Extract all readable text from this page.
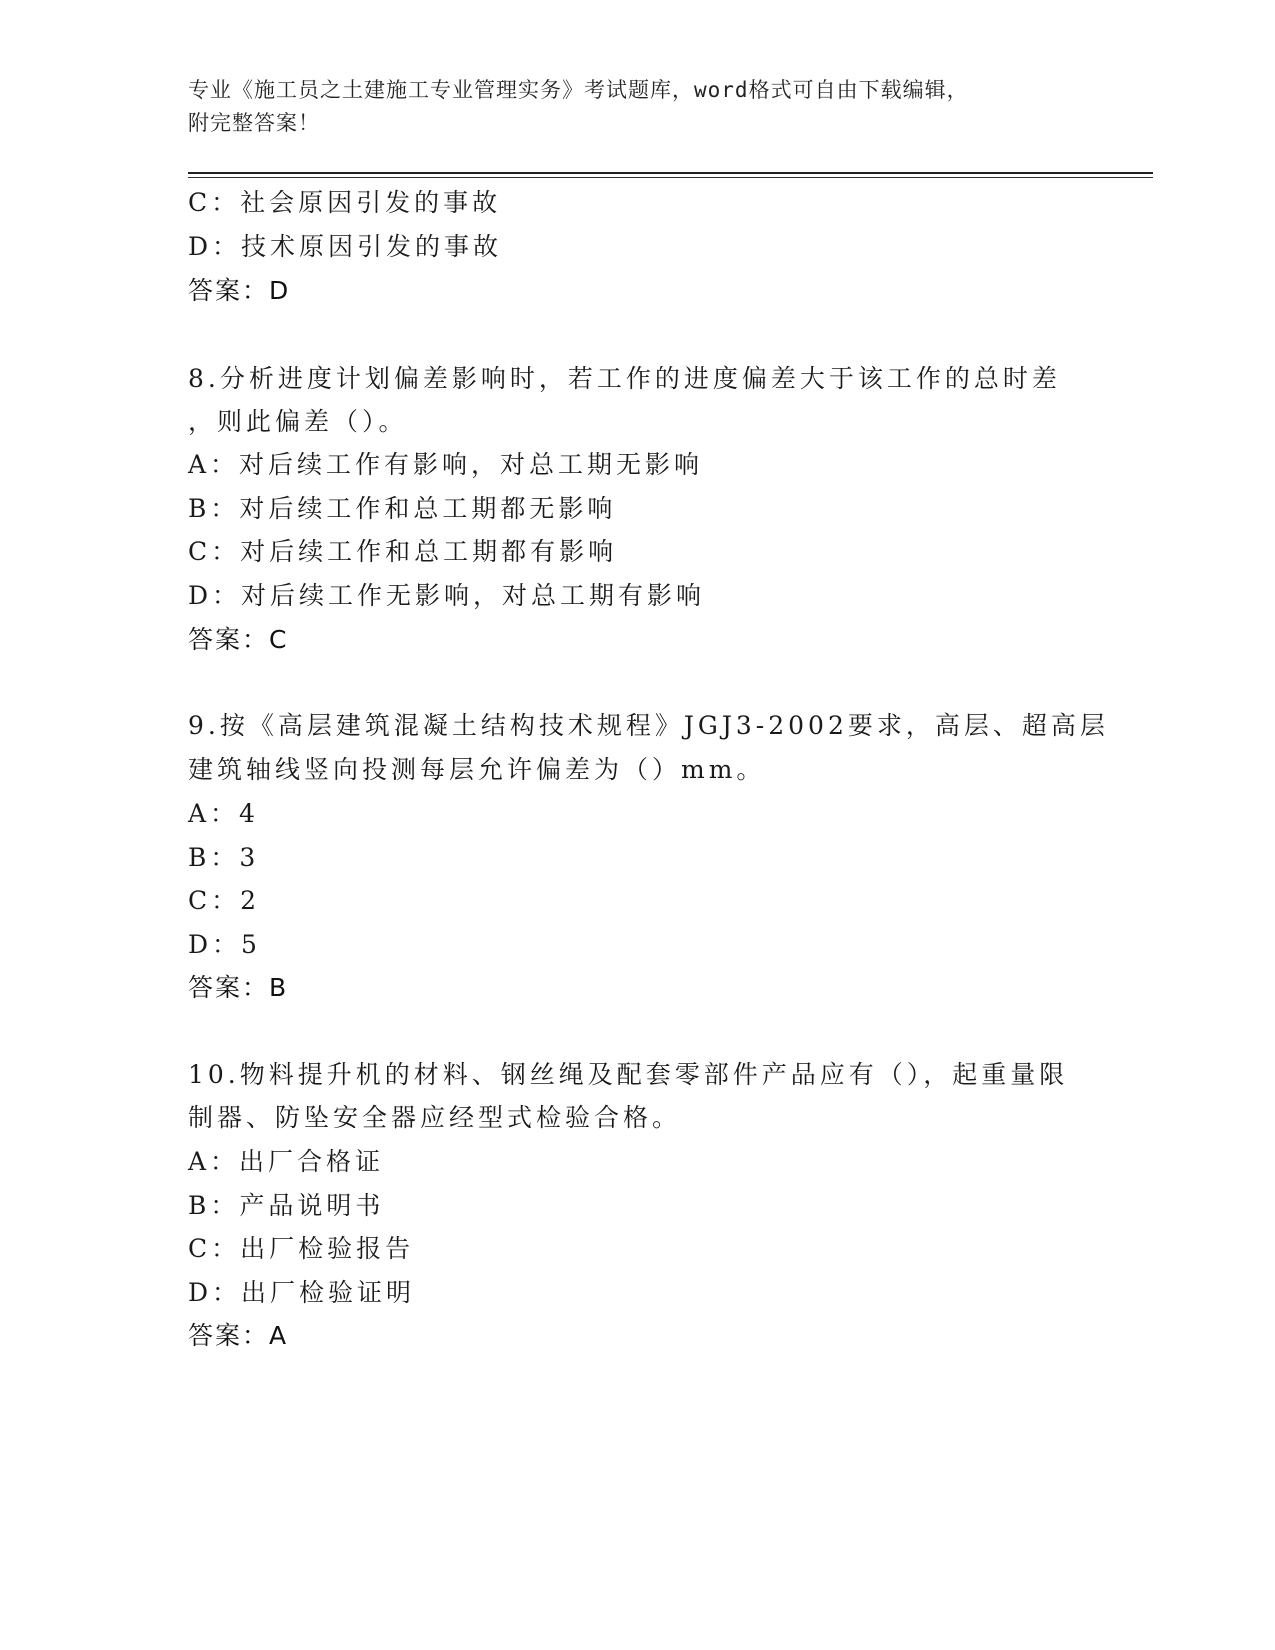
专业《施工员之土建施工专业管理实务》考试题库，word格式可自由下载编辑，
附完整答案！
C：社会原因引发的事故
D：技术原因引发的事故
答案：D
8.分析进度计划偏差影响时，若工作的进度偏差大于该工作的总时差
，则此偏差（）。
A：对后续工作有影响，对总工期无影响
B：对后续工作和总工期都无影响
C：对后续工作和总工期都有影响
D：对后续工作无影响，对总工期有影响
答案：C
9.按《高层建筑混凝土结构技术规程》JGJ3-2002要求，高层、超高层
建筑轴线竖向投测每层允许偏差为（）mm。
A：4
B：3
C：2
D：5
答案：B
10.物料提升机的材料、钢丝绳及配套零部件产品应有（），起重量限
制器、防坠安全器应经型式检验合格。
A：出厂合格证
B：产品说明书
C：出厂检验报告
D：出厂检验证明
答案：A
